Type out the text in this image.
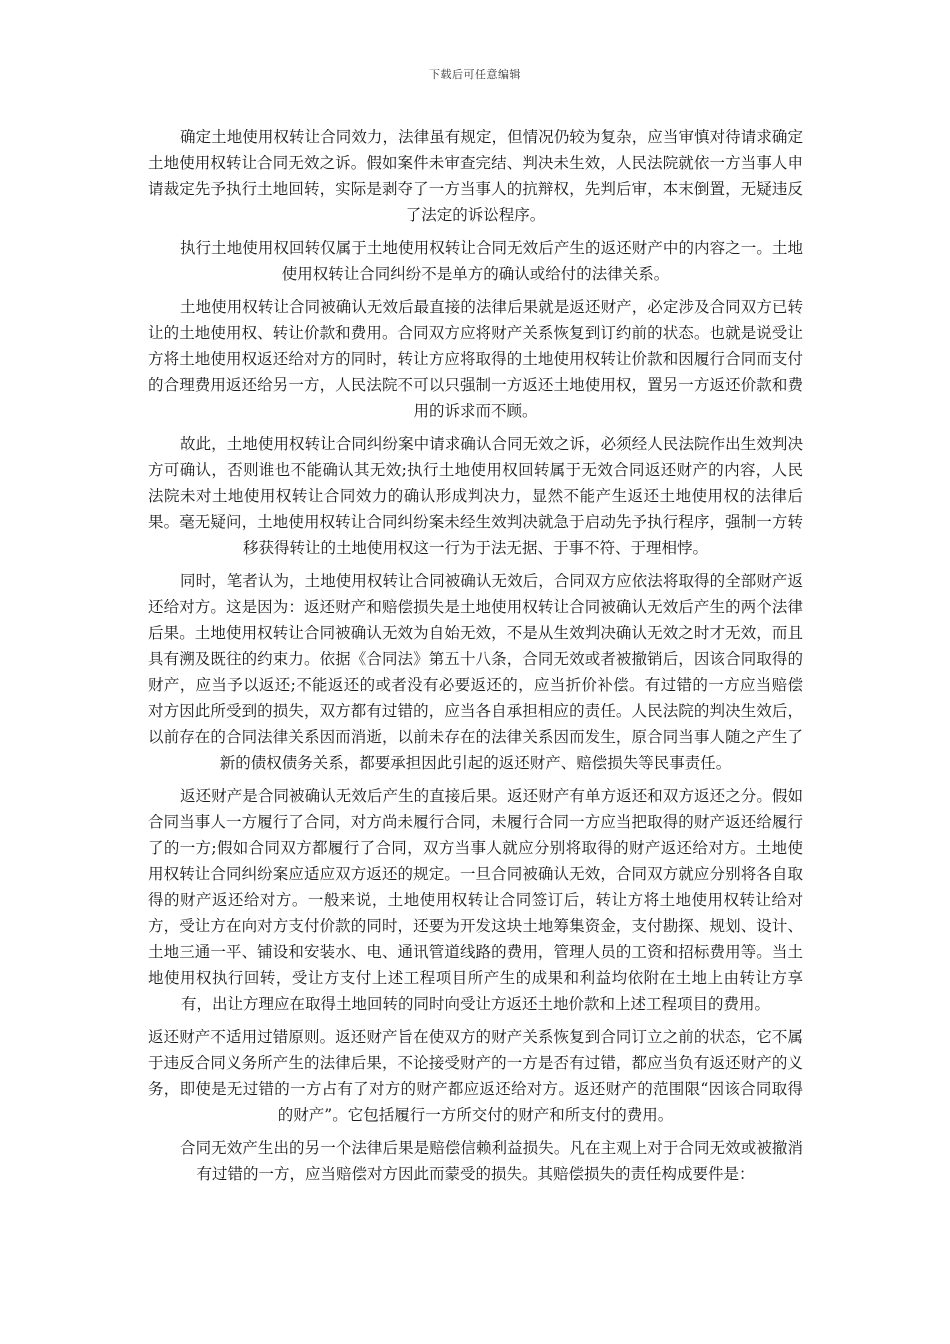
下载后可任意编辑

确定土地使用权转让合同效力，法律虽有规定，但情况仍较为复杂，应当审慎对待请求确定土地使用权转让合同无效之诉。假如案件未审查完结、判决未生效，人民法院就依一方当事人申请裁定先予执行土地回转，实际是剥夺了一方当事人的抗辩权，先判后审，本末倒置，无疑违反了法定的诉讼程序。

执行土地使用权回转仅属于土地使用权转让合同无效后产生的返还财产中的内容之一。土地使用权转让合同纠纷不是单方的确认或给付的法律关系。

土地使用权转让合同被确认无效后最直接的法律后果就是返还财产，必定涉及合同双方已转让的土地使用权、转让价款和费用。合同双方应将财产关系恢复到订约前的状态。也就是说受让方将土地使用权返还给对方的同时，转让方应将取得的土地使用权转让价款和因履行合同而支付的合理费用返还给另一方，人民法院不可以只强制一方返还土地使用权，置另一方返还价款和费用的诉求而不顾。

故此，土地使用权转让合同纠纷案中请求确认合同无效之诉，必须经人民法院作出生效判决方可确认，否则谁也不能确认其无效;执行土地使用权回转属于无效合同返还财产的内容，人民法院未对土地使用权转让合同效力的确认形成判决力，显然不能产生返还土地使用权的法律后果。毫无疑问，土地使用权转让合同纠纷案未经生效判决就急于启动先予执行程序，强制一方转移获得转让的土地使用权这一行为于法无据、于事不符、于理相悖。

同时，笔者认为，土地使用权转让合同被确认无效后，合同双方应依法将取得的全部财产返还给对方。这是因为：返还财产和赔偿损失是土地使用权转让合同被确认无效后产生的两个法律后果。土地使用权转让合同被确认无效为自始无效，不是从生效判决确认无效之时才无效，而且具有溯及既往的约束力。依据《合同法》第五十八条，合同无效或者被撤销后，因该合同取得的财产，应当予以返还;不能返还的或者没有必要返还的，应当折价补偿。有过错的一方应当赔偿对方因此所受到的损失，双方都有过错的，应当各自承担相应的责任。人民法院的判决生效后，以前存在的合同法律关系因而消逝，以前未存在的法律关系因而发生，原合同当事人随之产生了新的债权债务关系，都要承担因此引起的返还财产、赔偿损失等民事责任。

返还财产是合同被确认无效后产生的直接后果。返还财产有单方返还和双方返还之分。假如合同当事人一方履行了合同，对方尚未履行合同，未履行合同一方应当把取得的财产返还给履行了的一方;假如合同双方都履行了合同，双方当事人就应分别将取得的财产返还给对方。土地使用权转让合同纠纷案应适应双方返还的规定。一旦合同被确认无效，合同双方就应分别将各自取得的财产返还给对方。一般来说，土地使用权转让合同签订后，转让方将土地使用权转让给对方，受让方在向对方支付价款的同时，还要为开发这块土地筹集资金，支付勘探、规划、设计、土地三通一平、铺设和安装水、电、通讯管道线路的费用，管理人员的工资和招标费用等。当土地使用权执行回转，受让方支付上述工程项目所产生的成果和利益均依附在土地上由转让方享有，出让方理应在取得土地回转的同时向受让方返还土地价款和上述工程项目的费用。

返还财产不适用过错原则。返还财产旨在使双方的财产关系恢复到合同订立之前的状态，它不属于违反合同义务所产生的法律后果，不论接受财产的一方是否有过错，都应当负有返还财产的义务，即使是无过错的一方占有了对方的财产都应返还给对方。返还财产的范围限“因该合同取得的财产”。它包括履行一方所交付的财产和所支付的费用。

合同无效产生出的另一个法律后果是赔偿信赖利益损失。凡在主观上对于合同无效或被撤消有过错的一方，应当赔偿对方因此而蒙受的损失。其赔偿损失的责任构成要件是：
